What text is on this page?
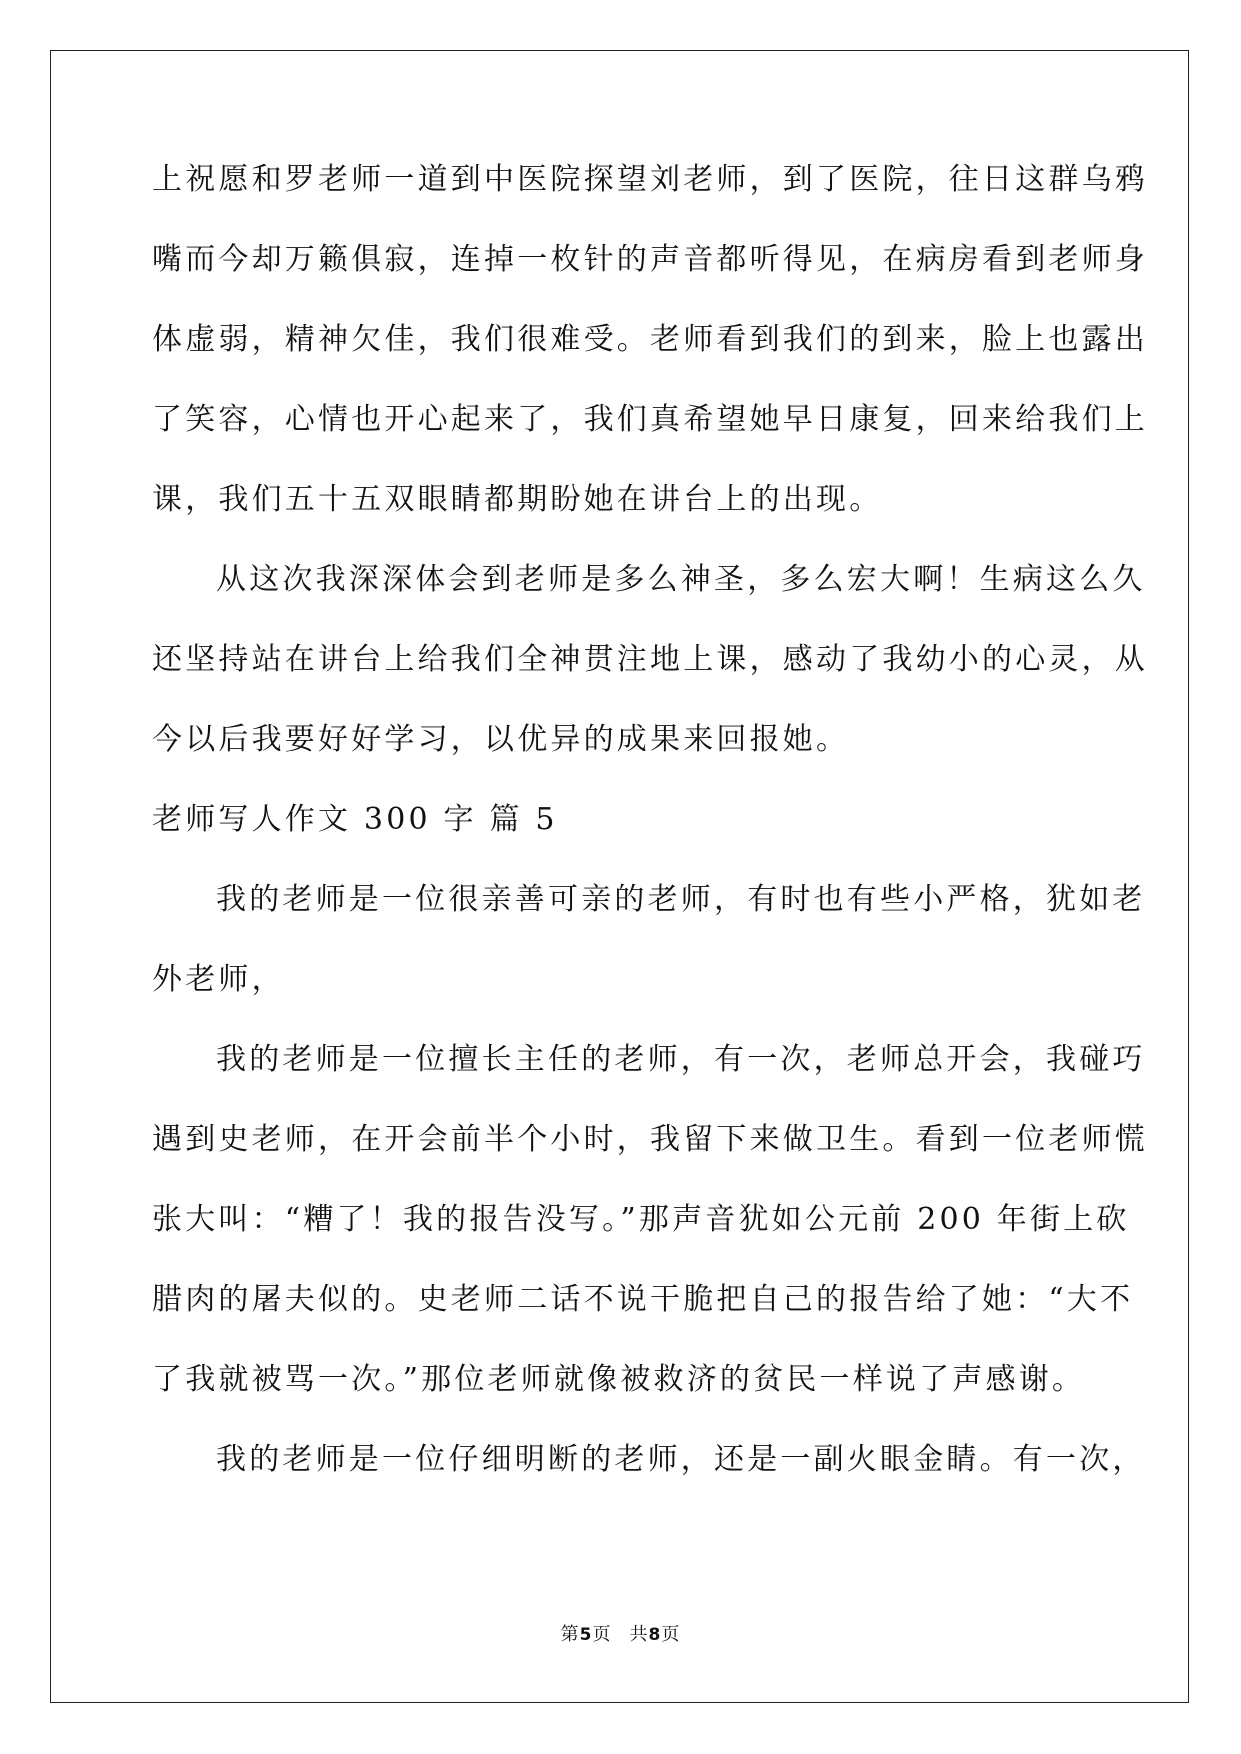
上祝愿和罗老师一道到中医院探望刘老师，到了医院，往日这群乌鸦
嘴而今却万籁俱寂，连掉一枚针的声音都听得见，在病房看到老师身
体虚弱，精神欠佳，我们很难受。老师看到我们的到来，脸上也露出
了笑容，心情也开心起来了，我们真希望她早日康复，回来给我们上
课，我们五十五双眼睛都期盼她在讲台上的出现。
从这次我深深体会到老师是多么神圣，多么宏大啊！生病这么久
还坚持站在讲台上给我们全神贯注地上课，感动了我幼小的心灵，从
今以后我要好好学习，以优异的成果来回报她。
老师写人作文 300 字 篇 5
我的老师是一位很亲善可亲的老师，有时也有些小严格，犹如老
外老师，
我的老师是一位擅长主任的老师，有一次，老师总开会，我碰巧
遇到史老师，在开会前半个小时，我留下来做卫生。看到一位老师慌
张大叫：“糟了！我的报告没写。”那声音犹如公元前 200 年街上砍
腊肉的屠夫似的。史老师二话不说干脆把自己的报告给了她：“大不
了我就被骂一次。”那位老师就像被救济的贫民一样说了声感谢。
我的老师是一位仔细明断的老师，还是一副火眼金睛。有一次，
第5页 共8页
